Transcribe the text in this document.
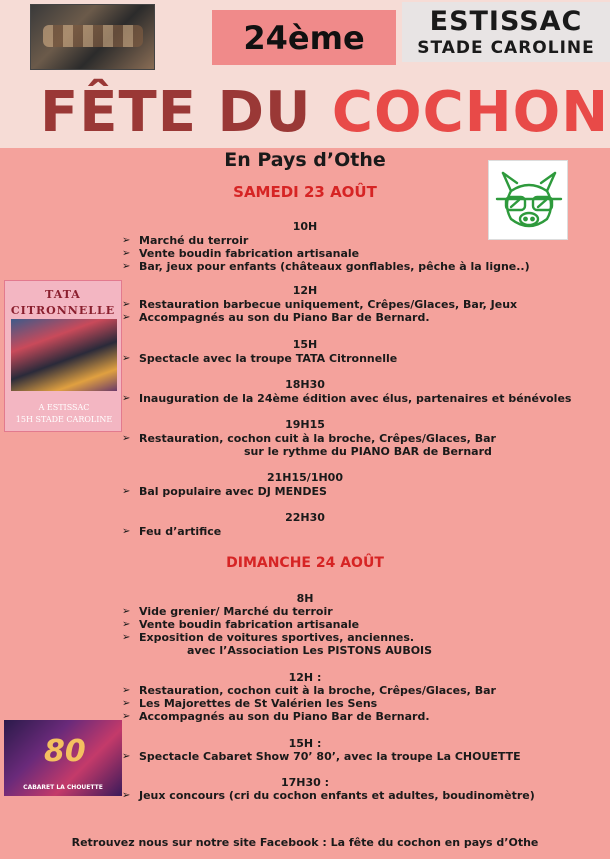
24ème	ESTISSAC
STADE CAROLINE
FÊTE DU COCHON
En Pays d’Othe
SAMEDI 23 AOÛT
10H
➢ Marché du terroir
➢ Vente boudin fabrication artisanale
➢ Bar, jeux pour enfants (châteaux gonflables, pêche à la ligne..)
12H
➢ Restauration barbecue uniquement, Crêpes/Glaces, Bar, Jeux
➢ Accompagnés au son du Piano Bar de Bernard.
15H
➢ Spectacle avec la troupe TATA Citronnelle
18H30
➢ Inauguration de la 24ème édition avec élus, partenaires et bénévoles
19H15
➢ Restauration, cochon cuit à la broche, Crêpes/Glaces, Bar
sur le rythme du PIANO BAR de Bernard
21H15/1H00
➢ Bal populaire avec DJ MENDES
22H30
➢ Feu d’artifice
DIMANCHE 24 AOÛT
8H
➢ Vide grenier/ Marché du terroir
➢ Vente boudin fabrication artisanale
➢ Exposition de voitures sportives, anciennes.
avec l’Association Les PISTONS AUBOIS
12H :
➢ Restauration, cochon cuit à la broche, Crêpes/Glaces, Bar
➢ Les Majorettes de St Valérien les Sens
➢ Accompagnés au son du Piano Bar de Bernard.
15H :
➢ Spectacle Cabaret Show 70’ 80’, avec la troupe La CHOUETTE
17H30 :
➢ Jeux concours (cri du cochon enfants et adultes, boudinomètre)
TATA
CITRONNELLE
A ESTISSAC
15H STADE CAROLINE
80
CABARET LA CHOUETTE
Retrouvez nous sur notre site Facebook : La fête du cochon en pays d’Othe
